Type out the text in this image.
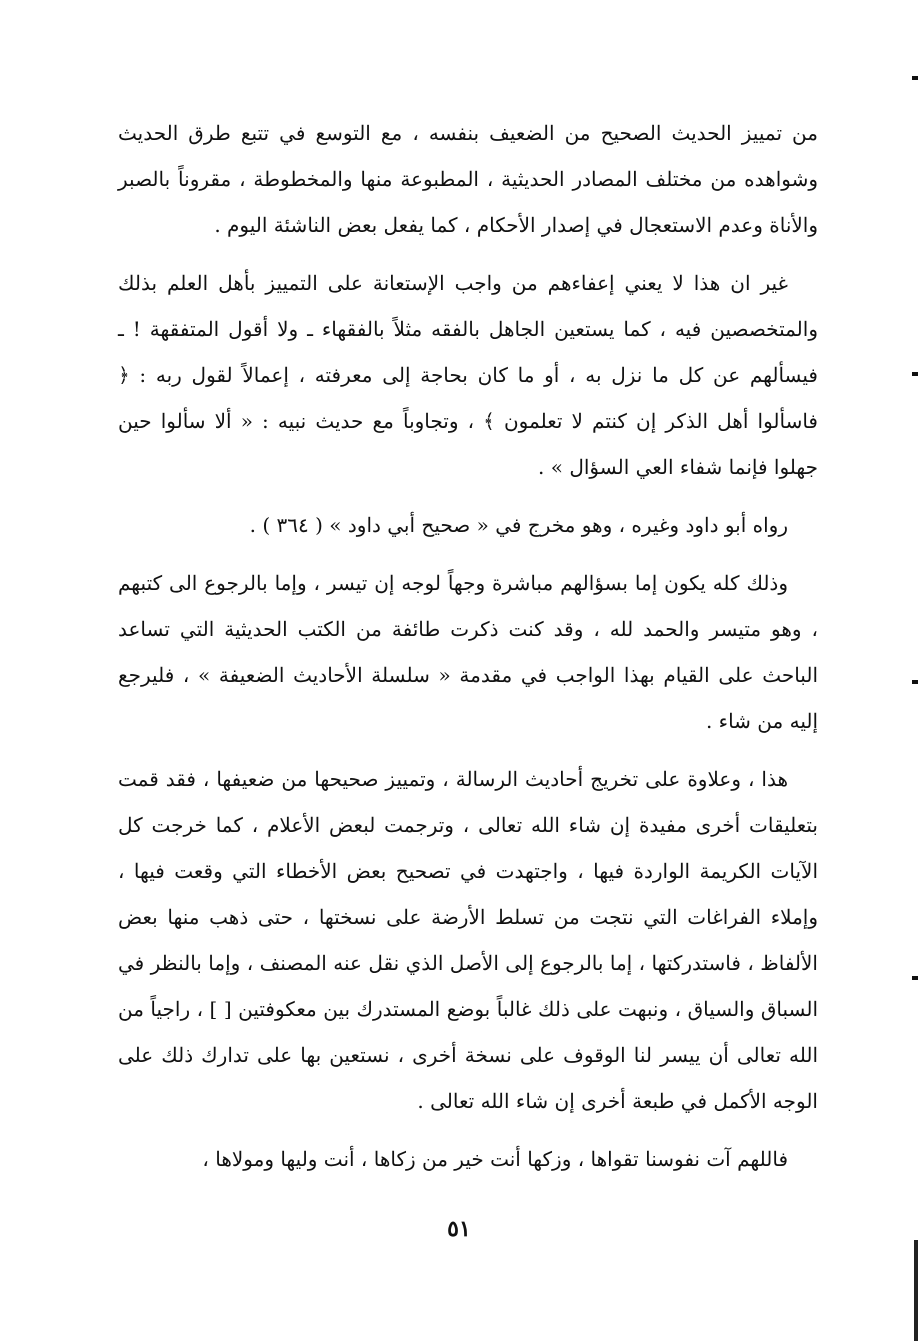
من تمييز الحديث الصحيح من الضعيف بنفسه ، مع التوسع في تتبع طرق الحديث وشواهده من مختلف المصادر الحديثية ، المطبوعة منها والمخطوطة ، مقروناً بالصبر والأناة وعدم الاستعجال في إصدار الأحكام ، كما يفعل بعض الناشئة اليوم .

غير ان هذا لا يعني إعفاءهم من واجب الإستعانة على التمييز بأهل العلم بذلك والمتخصصين فيه ، كما يستعين الجاهل بالفقه مثلاً بالفقهاء ـ ولا أقول المتفقهة ! ـ فيسألهم عن كل ما نزل به ، أو ما كان بحاجة إلى معرفته ، إعمالاً لقول ربه : ﴿ فاسألوا أهل الذكر إن كنتم لا تعلمون ﴾ ، وتجاوباً مع حديث نبيه : « ألا سألوا حين جهلوا فإنما شفاء العي السؤال » .

رواه أبو داود وغيره ، وهو مخرج في « صحيح أبي داود » ( ٣٦٤ ) .

وذلك كله يكون إما بسؤالهم مباشرة وجهاً لوجه إن تيسر ، وإما بالرجوع الى كتبهم ، وهو متيسر والحمد لله ، وقد كنت ذكرت طائفة من الكتب الحديثية التي تساعد الباحث على القيام بهذا الواجب في مقدمة « سلسلة الأحاديث الضعيفة » ، فليرجع إليه من شاء .

هذا ، وعلاوة على تخريج أحاديث الرسالة ، وتمييز صحيحها من ضعيفها ، فقد قمت بتعليقات أخرى مفيدة إن شاء الله تعالى ، وترجمت لبعض الأعلام ، كما خرجت كل الآيات الكريمة الواردة فيها ، واجتهدت في تصحيح بعض الأخطاء التي وقعت فيها ، وإملاء الفراغات التي نتجت من تسلط الأرضة على نسختها ، حتى ذهب منها بعض الألفاظ ، فاستدركتها ، إما بالرجوع إلى الأصل الذي نقل عنه المصنف ، وإما بالنظر في السباق والسياق ، ونبهت على ذلك غالباً بوضع المستدرك بين معكوفتين [ ] ، راجياً من الله تعالى أن ييسر لنا الوقوف على نسخة أخرى ، نستعين بها على تدارك ذلك على الوجه الأكمل في طبعة أخرى إن شاء الله تعالى .

فاللهم آت نفوسنا تقواها ، وزكها أنت خير من زكاها ، أنت وليها ومولاها ،

٥١
